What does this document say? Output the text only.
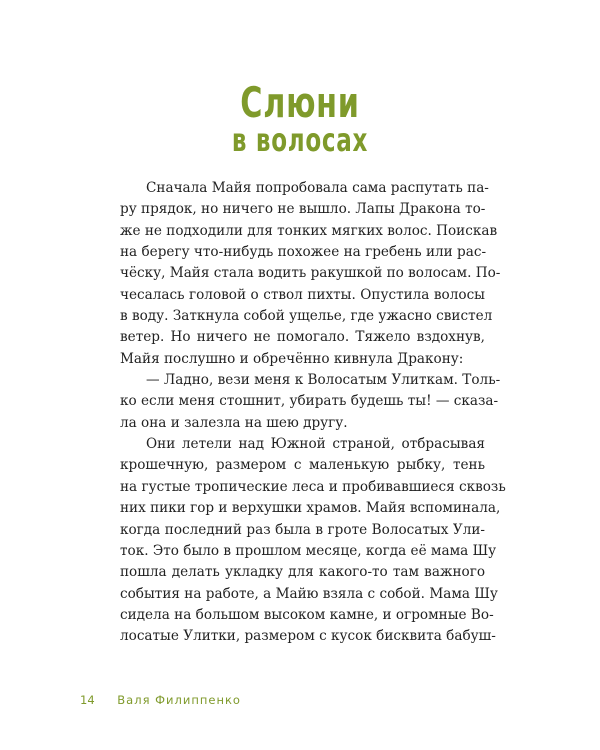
Слюни
в волосах
Сначала Майя попробовала сама распутать па-
ру прядок, но ничего не вышло. Лапы Дракона то-
же не подходили для тонких мягких волос. Поискав
на берегу что-нибудь похожее на гребень или рас-
чёску, Майя стала водить ракушкой по волосам. По-
чесалась головой о ствол пихты. Опустила волосы
в воду. Заткнула собой ущелье, где ужасно свистел
ветер. Но ничего не помогало. Тяжело вздохнув,
Майя послушно и обречённо кивнула Дракону:
— Ладно, вези меня к Волосатым Улиткам. Толь-
ко если меня стошнит, убирать будешь ты! — сказа-
ла она и залезла на шею другу.
Они летели над Южной страной, отбрасывая
крошечную, размером с маленькую рыбку, тень
на густые тропические леса и пробивавшиеся сквозь
них пики гор и верхушки храмов. Майя вспоминала,
когда последний раз была в гроте Волосатых Ули-
ток. Это было в прошлом месяце, когда её мама Шу
пошла делать укладку для какого-то там важного
события на работе, а Майю взяла с собой. Мама Шу
сидела на большом высоком камне, и огромные Во-
лосатые Улитки, размером с кусок бисквита бабуш-
14 Валя Филиппенко
